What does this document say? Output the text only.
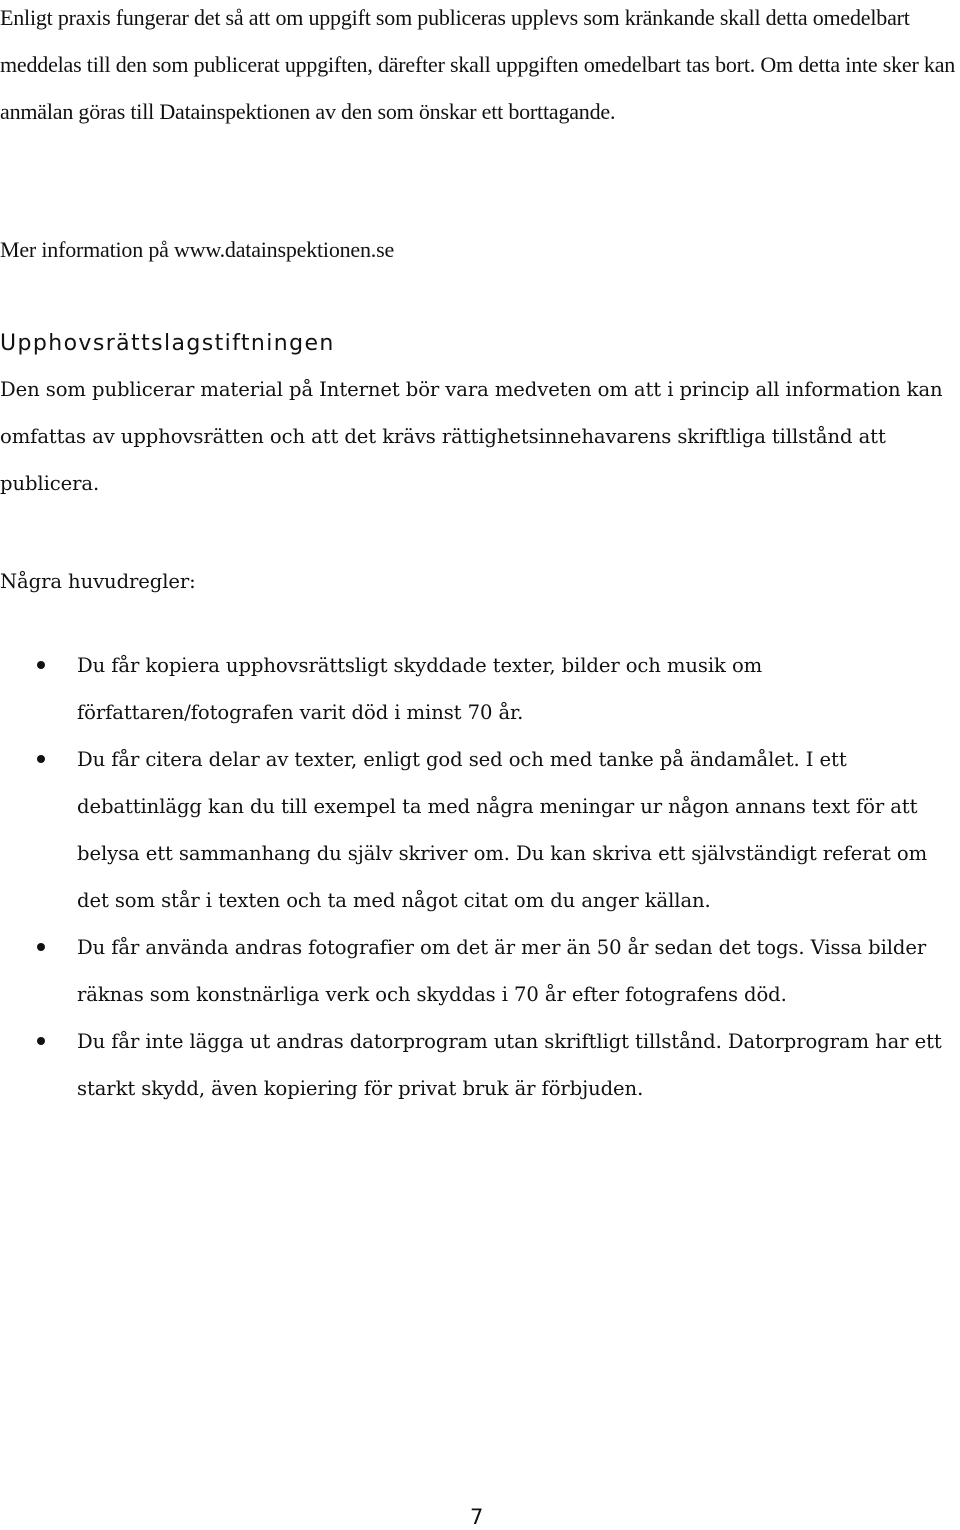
Enligt praxis fungerar det så att om uppgift som publiceras upplevs som kränkande skall detta omedelbart meddelas till den som publicerat uppgiften, därefter skall uppgiften omedelbart tas bort. Om detta inte sker kan anmälan göras till Datainspektionen av den som önskar ett borttagande.

Mer information på www.datainspektionen.se

Upphovsrättslagstiftningen

Den som publicerar material på Internet bör vara medveten om att i princip all information kan omfattas av upphovsrätten och att det krävs rättighetsinnehavarens skriftliga tillstånd att publicera.

Några huvudregler:

Du får kopiera upphovsrättsligt skyddade texter, bilder och musik om författaren/fotografen varit död i minst 70 år.
Du får citera delar av texter, enligt god sed och med tanke på ändamålet. I ett debattinlägg kan du till exempel ta med några meningar ur någon annans text för att belysa ett sammanhang du själv skriver om. Du kan skriva ett självständigt referat om det som står i texten och ta med något citat om du anger källan.
Du får använda andras fotografier om det är mer än 50 år sedan det togs. Vissa bilder räknas som konstnärliga verk och skyddas i 70 år efter fotografens död.
Du får inte lägga ut andras datorprogram utan skriftligt tillstånd. Datorprogram har ett starkt skydd, även kopiering för privat bruk är förbjuden.
7
